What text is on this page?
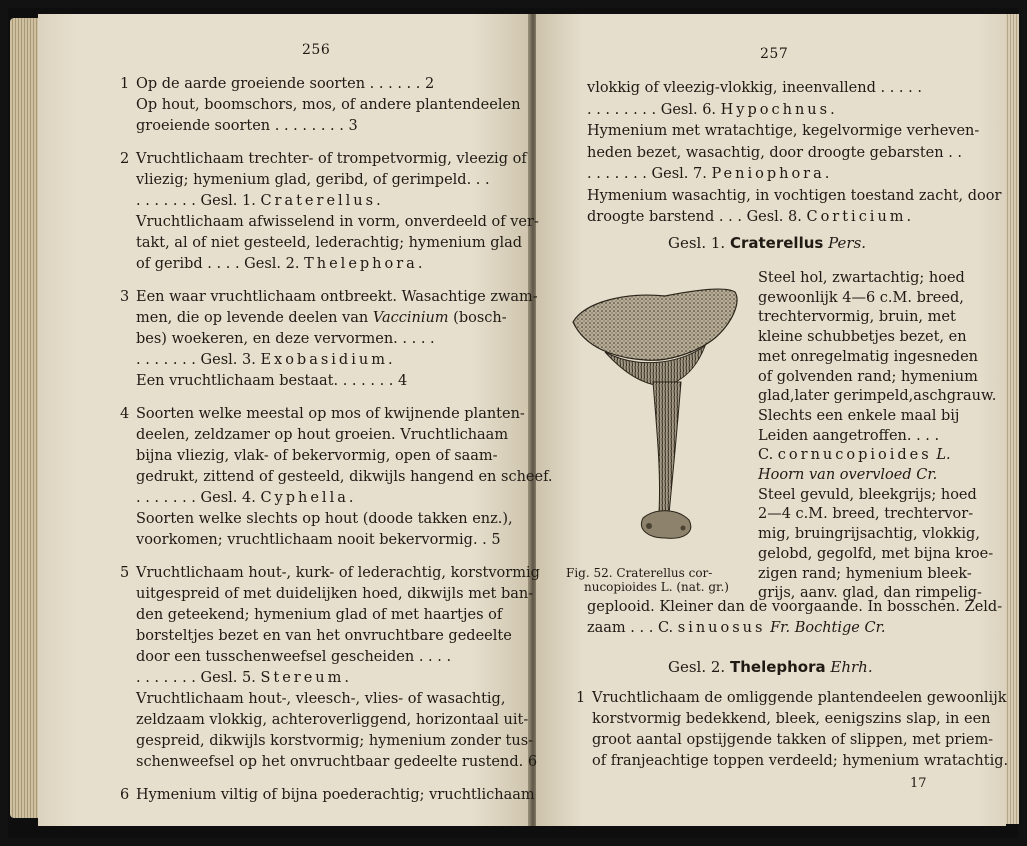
256
1 Op de aarde groeiende soorten . . . . . . 2
Op hout, boomschors, mos, of andere plantendeelen
groeiende soorten . . . . . . . . 3
2 Vruchtlichaam trechter- of trompetvormig, vleezig of
vliezig; hymenium glad, geribd, of gerimpeld. . .
. . . . . . . Gesl. 1. Craterellus.
Vruchtlichaam afwisselend in vorm, onverdeeld of ver-
takt, al of niet gesteeld, lederachtig; hymenium glad
of geribd . . . . Gesl. 2. Thelephora.
3 Een waar vruchtlichaam ontbreekt. Wasachtige zwam-
men, die op levende deelen van Vaccinium (bosch-
bes) woekeren, en deze vervormen. . . . .
. . . . . . . Gesl. 3. Exobasidium.
Een vruchtlichaam bestaat. . . . . . . 4
4 Soorten welke meestal op mos of kwijnende planten-
deelen, zeldzamer op hout groeien. Vruchtlichaam
bijna vliezig, vlak- of bekervormig, open of saam-
gedrukt, zittend of gesteeld, dikwijls hangend en scheef.
. . . . . . . Gesl. 4. Cyphella.
Soorten welke slechts op hout (doode takken enz.),
voorkomen; vruchtlichaam nooit bekervormig. . 5
5 Vruchtlichaam hout-, kurk- of lederachtig, korstvormig
uitgespreid of met duidelijken hoed, dikwijls met ban-
den geteekend; hymenium glad of met haartjes of
borsteltjes bezet en van het onvruchtbare gedeelte
door een tusschenweefsel gescheiden . . . .
. . . . . . . Gesl. 5. Stereum.
Vruchtlichaam hout-, vleesch-, vlies- of wasachtig,
zeldzaam vlokkig, achteroverliggend, horizontaal uit-
gespreid, dikwijls korstvormig; hymenium zonder tus-
schenweefsel op het onvruchtbaar gedeelte rustend. 6
6 Hymenium viltig of bijna poederachtig; vruchtlichaam
257
vlokkig of vleezig-vlokkig, ineenvallend . . . . .
. . . . . . . . Gesl. 6. Hypochnus.
Hymenium met wratachtige, kegelvormige verheven-
heden bezet, wasachtig, door droogte gebarsten . .
. . . . . . . Gesl. 7. Peniophora.
Hymenium wasachtig, in vochtigen toestand zacht, door
droogte barstend . . . Gesl. 8. Corticium.
Gesl. 1. Craterellus Pers.
Steel hol, zwartachtig; hoed
gewoonlijk 4—6 c.M. breed,
trechtervormig, bruin, met
kleine schubbetjes bezet, en
met onregelmatig ingesneden
of golvenden rand; hymenium
glad,later gerimpeld,aschgrauw.
Slechts een enkele maal bij
Leiden aangetroffen. . . .
C. cornucopioides L.
Hoorn van overvloed Cr.
Steel gevuld, bleekgrijs; hoed
2—4 c.M. breed, trechtervor-
mig, bruingrijsachtig, vlokkig,
gelobd, gegolfd, met bijna kroe-
zigen rand; hymenium bleek-
grijs, aanv. glad, dan rimpelig-
Fig. 52. Craterellus cor-
nucopioides L. (nat. gr.)
geplooid. Kleiner dan de voorgaande. In bosschen. Zeld-
zaam . . . C. sinuosus Fr. Bochtige Cr.
Gesl. 2. Thelephora Ehrh.
1 Vruchtlichaam de omliggende plantendeelen gewoonlijk
korstvormig bedekkend, bleek, eenigszins slap, in een
groot aantal opstijgende takken of slippen, met priem-
of franjeachtige toppen verdeeld; hymenium wratachtig.
17
